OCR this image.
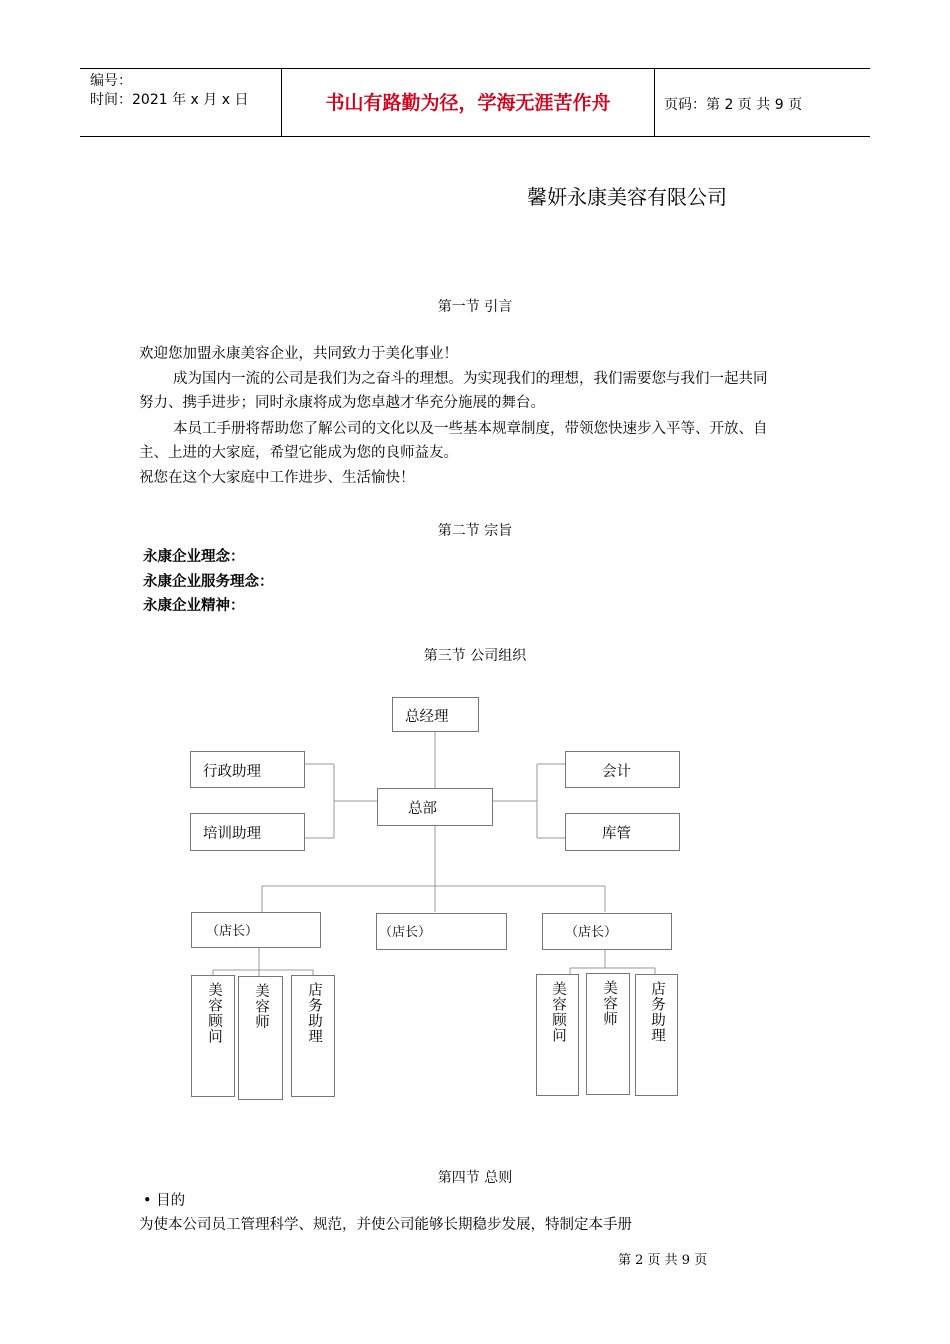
编号：
时间：2021 年 x 月 x 日	书山有路勤为径，学海无涯苦作舟	页码：第 2 页 共 9 页
馨妍永康美容有限公司
第一节 引言
欢迎您加盟永康美容企业，共同致力于美化事业！
成为国内一流的公司是我们为之奋斗的理想。为实现我们的理想，我们需要您与我们一起共同
努力、携手进步；同时永康将成为您卓越才华充分施展的舞台。
本员工手册将帮助您了解公司的文化以及一些基本规章制度，带领您快速步入平等、开放、自
主、上进的大家庭，希望它能成为您的良师益友。
祝您在这个大家庭中工作进步、生活愉快！
第二节 宗旨
永康企业理念：
永康企业服务理念：
永康企业精神：
第三节 公司组织
总经理
行政助理
培训助理
总部
会计
库管
（店长）	（店长）	（店长）
美容顾问 美容师	店务助理	美容顾问 美容师 店务助理
第四节 总则
• 目的
为使本公司员工管理科学、规范，并使公司能够长期稳步发展，特制定本手册
第 2 页 共 9 页
